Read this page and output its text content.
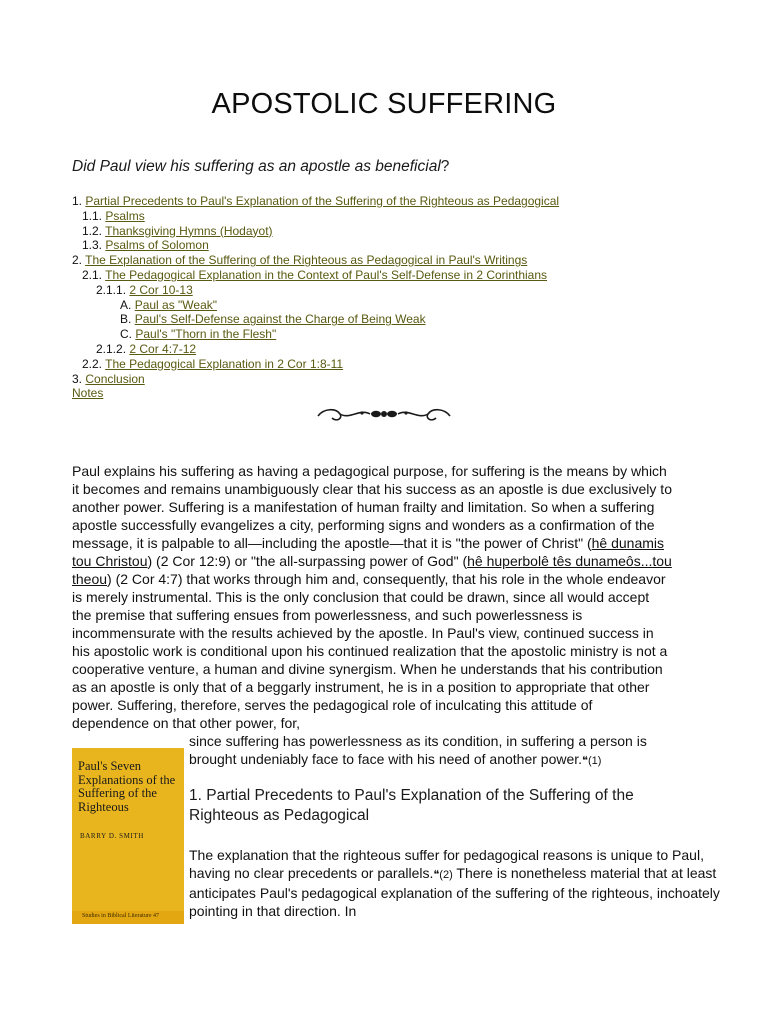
APOSTOLIC SUFFERING

Did Paul view his suffering as an apostle as beneficial?

1. Partial Precedents to Paul's Explanation of the Suffering of the Righteous as Pedagogical
1.1. Psalms
1.2. Thanksgiving Hymns (Hodayot)
1.3. Psalms of Solomon
2. The Explanation of the Suffering of the Righteous as Pedagogical in Paul's Writings
2.1. The Pedagogical Explanation in the Context of Paul's Self-Defense in 2 Corinthians
2.1.1. 2 Cor 10-13
A. Paul as "Weak"
B. Paul's Self-Defense against the Charge of Being Weak
C. Paul's "Thorn in the Flesh"
2.1.2. 2 Cor 4:7-12
2.2. The Pedagogical Explanation in 2 Cor 1:8-11
3. Conclusion
Notes

Paul explains his suffering as having a pedagogical purpose, for suffering is the means by which it becomes and remains unambiguously clear that his success as an apostle is due exclusively to another power. Suffering is a manifestation of human frailty and limitation. So when a suffering apostle successfully evangelizes a city, performing signs and wonders as a confirmation of the message, it is palpable to all—including the apostle—that it is "the power of Christ" (hê dunamis tou Christou) (2 Cor 12:9) or "the all-surpassing power of God" (hê huperbolê tês dunamеôs...tou theou) (2 Cor 4:7) that works through him and, consequently, that his role in the whole endeavor is merely instrumental. This is the only conclusion that could be drawn, since all would accept the premise that suffering ensues from powerlessness, and such powerlessness is incommensurate with the results achieved by the apostle. In Paul's view, continued success in his apostolic work is conditional upon his continued realization that the apostolic ministry is not a cooperative venture, a human and divine synergism. When he understands that his contribution as an apostle is only that of a beggarly instrument, he is in a position to appropriate that other power. Suffering, therefore, serves the pedagogical role of inculcating this attitude of dependence on that other power, for,

since suffering has powerlessness as its condition, in suffering a person is brought undeniably face to face with his need of another power.❝(1)

Paul's Seven Explanations of the Suffering of the Righteous
BARRY D. SMITH

Studies in Biblical Literature 47
1. Partial Precedents to Paul's Explanation of the Suffering of the Righteous as Pedagogical

The explanation that the righteous suffer for pedagogical reasons is unique to Paul, having no clear precedents or parallels.❝(2) There is nonetheless material that at least anticipates Paul's pedagogical explanation of the suffering of the righteous, inchoately pointing in that direction. In
